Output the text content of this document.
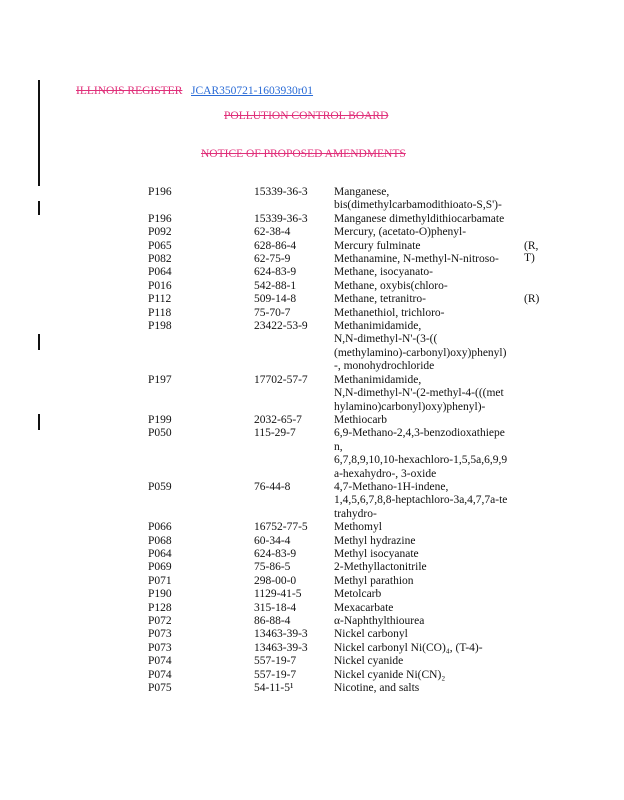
ILLINOIS REGISTER JCAR350721-1603930r01
POLLUTION CONTROL BOARD
NOTICE OF PROPOSED AMENDMENTS
P196	15339-36-3 Manganese,
bis(dimethylcarbamodithioato-S,S')-
P196	15339-36-3 Manganese dimethyldithiocarbamate
P092	62-38-4	Mercury, (acetato-O)phenyl-
P065	628-86-4	Mercury fulminate	(R, T)
P082	62-75-9	Methanamine, N-methyl-N-nitroso-
P064	624-83-9	Methane, isocyanato-
P016	542-88-1	Methane, oxybis(chloro-
P112	509-14-8	Methane, tetranitro-	(R)
P118	75-70-7	Methanethiol, trichloro-
P198	23422-53-9 Methanimidamide,
N,N-dimethyl-N'-(3-((
(methylamino)-carbonyl)oxy)phenyl)
-, monohydrochloride
P197	17702-57-7 Methanimidamide,
N,N-dimethyl-N'-(2-methyl-4-(((met
hylamino)carbonyl)oxy)phenyl)-
P199	2032-65-7	Methiocarb
P050	115-29-7	6,9-Methano-2,4,3-benzodioxathiepe
n,
6,7,8,9,10,10-hexachloro-1,5,5a,6,9,9
a-hexahydro-, 3-oxide
P059	76-44-8	4,7-Methano-1H-indene,
1,4,5,6,7,8,8-heptachloro-3a,4,7,7a-te
trahydro-
P066	16752-77-5 Methomyl
P068	60-34-4	Methyl hydrazine
P064	624-83-9	Methyl isocyanate
P069	75-86-5	2-Methyllactonitrile
P071	298-00-0	Methyl parathion
P190	1129-41-5	Metolcarb
P128	315-18-4	Mexacarbate
P072	86-88-4	α-Naphthylthiourea
P073	13463-39-3 Nickel carbonyl
P073	13463-39-3 Nickel carbonyl Ni(CO)₄, (T-4)-
P074	557-19-7	Nickel cyanide
P074	557-19-7	Nickel cyanide Ni(CN)₂
P075	54-11-5¹	Nicotine, and salts
